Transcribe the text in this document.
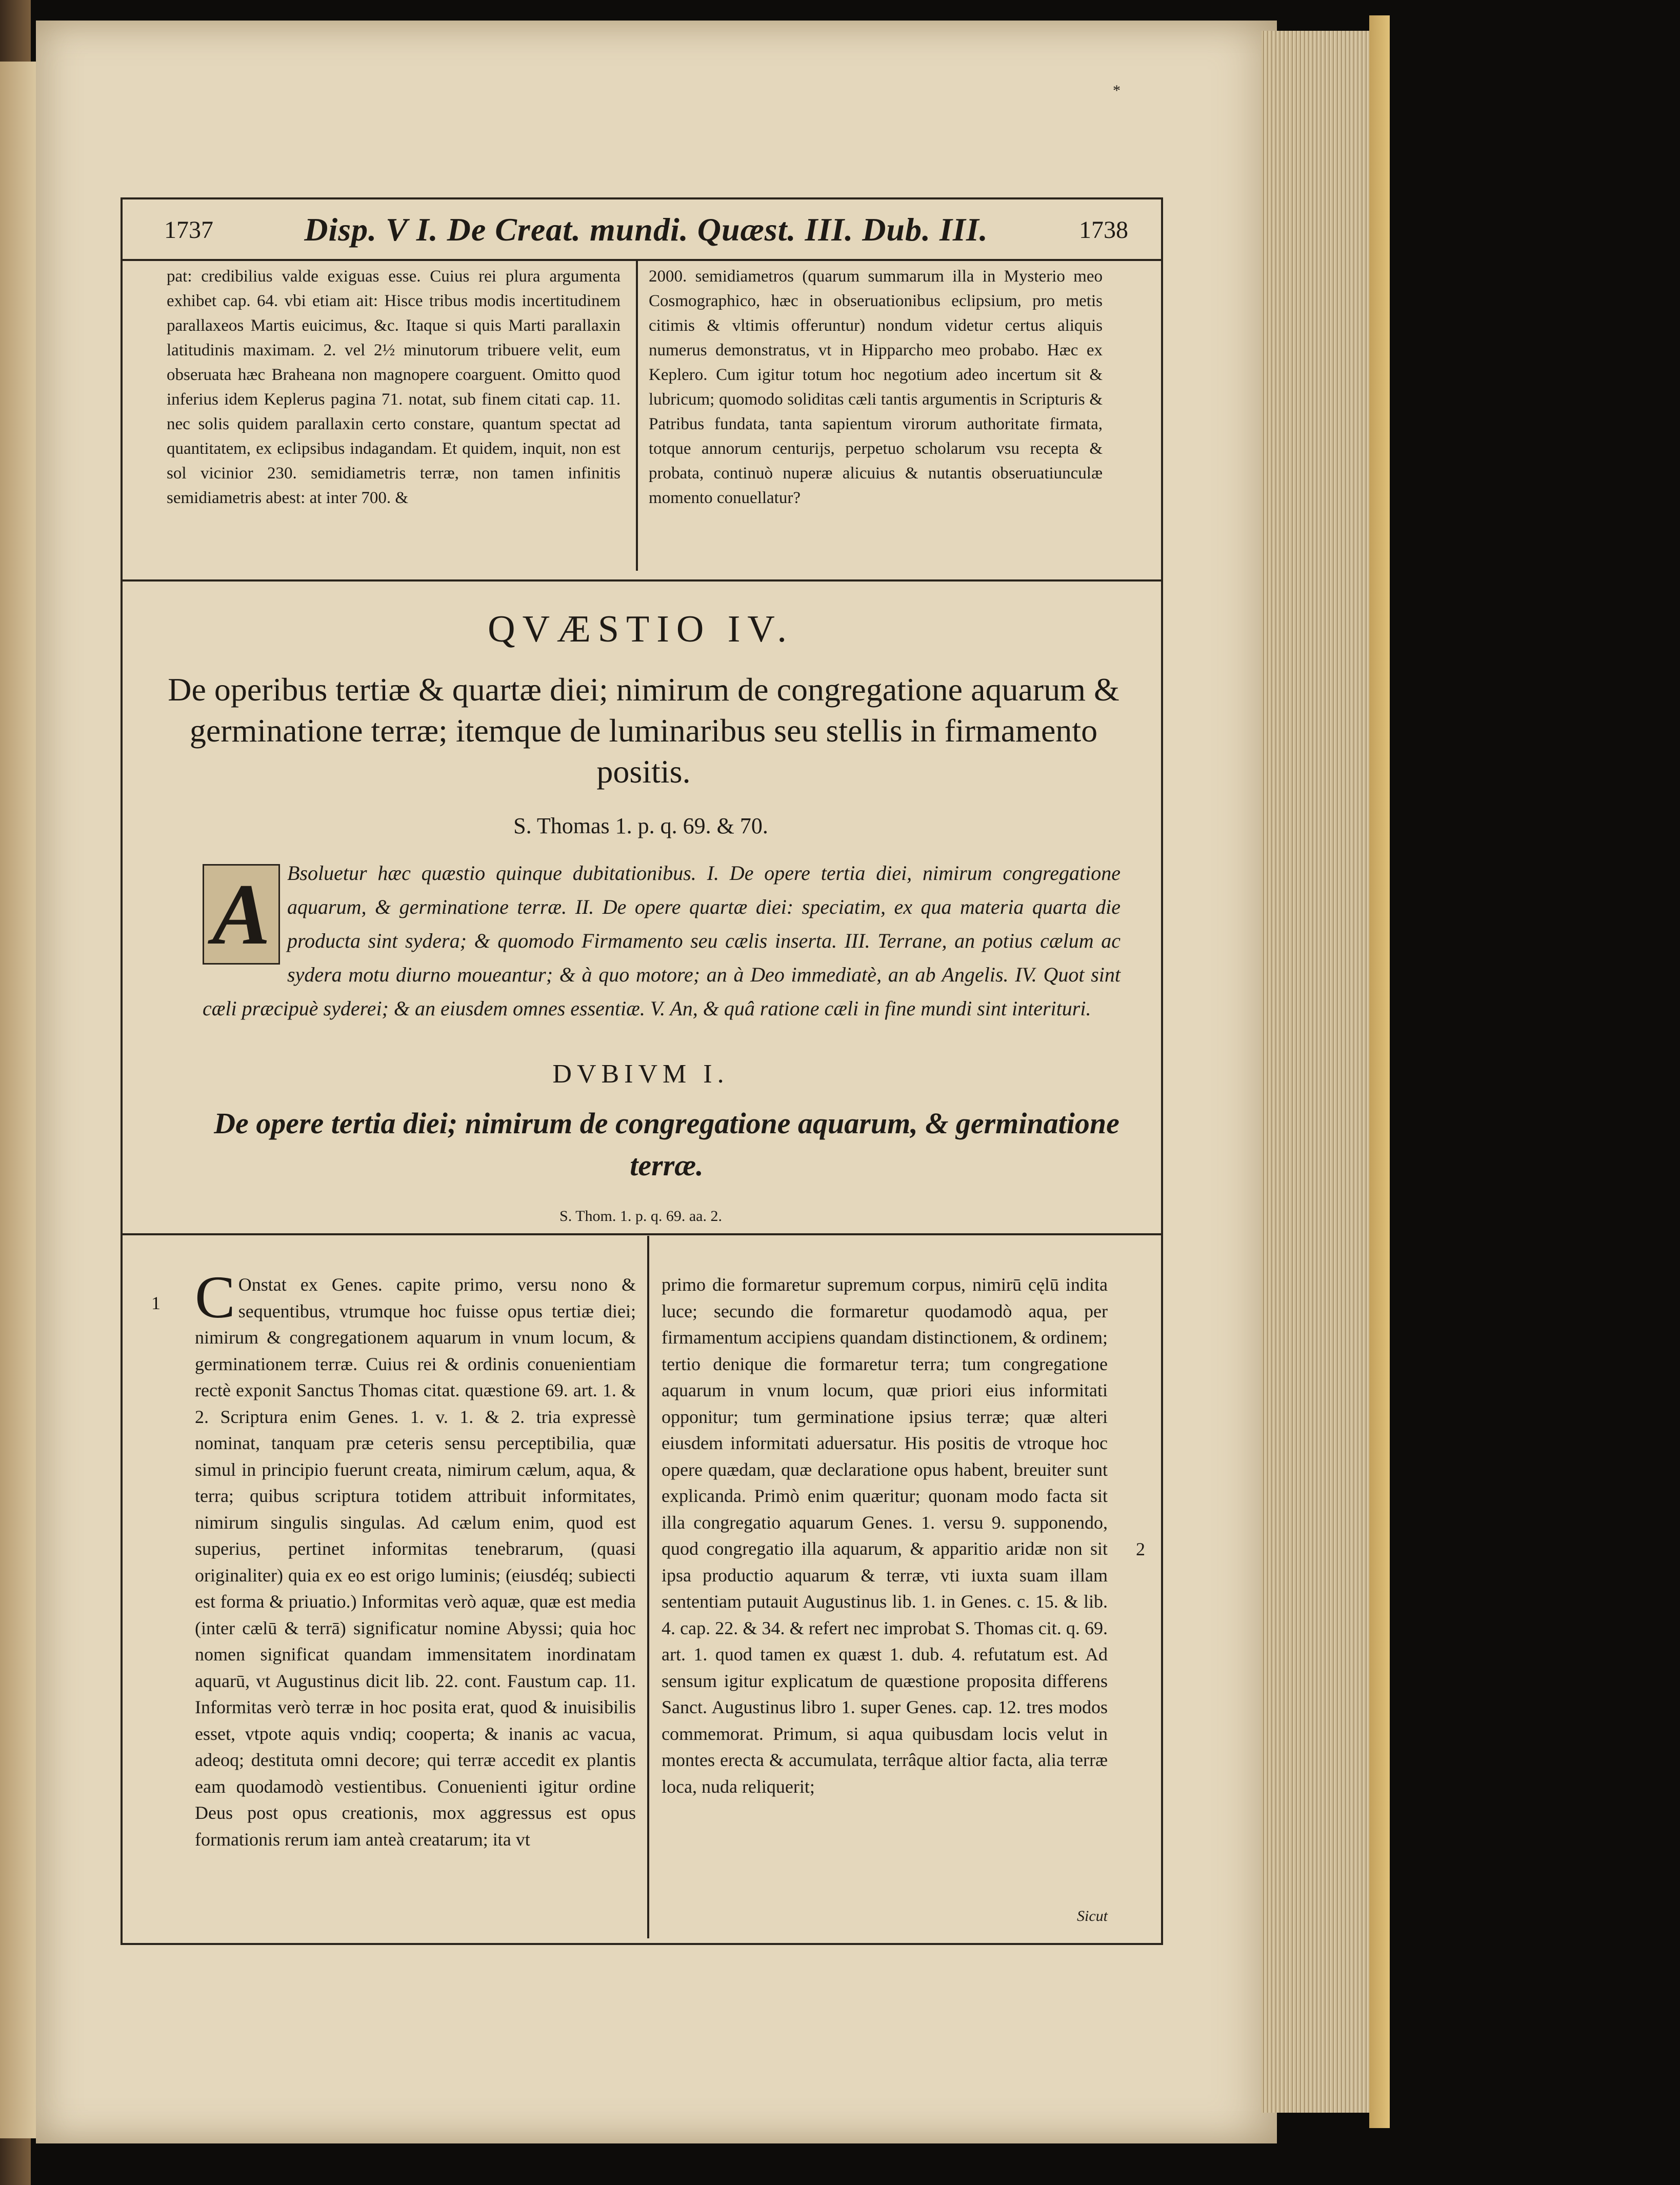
*
1737	Disp. V I. De Creat. mundi. Quæst. III. Dub. III.	1738

pat: credibilius valde exiguas esse. Cuius rei plura argumenta exhibet cap. 64. vbi etiam ait: Hisce tribus modis incertitudinem parallaxeos Martis euicimus, &c. Itaque si quis Marti parallaxin latitudinis maximam. 2. vel 2½ minutorum tribuere velit, eum obseruata hæc Braheana non magnopere coarguent. Omitto quod inferius idem Keplerus pagina 71. notat, sub finem citati cap. 11. nec solis quidem parallaxin certo constare, quantum spectat ad quantitatem, ex eclipsibus indagandam. Et quidem, inquit, non est sol vicinior 230. semidiametris terræ, non tamen infinitis semidiametris abest: at inter 700. &

2000. semidiametros (quarum summarum illa in Mysterio meo Cosmographico, hæc in obseruationibus eclipsium, pro metis citimis & vltimis offeruntur) nondum videtur certus aliquis numerus demonstratus, vt in Hipparcho meo probabo. Hæc ex Keplero. Cum igitur totum hoc negotium adeo incertum sit & lubricum; quomodo soliditas cæli tantis argumentis in Scripturis & Patribus fundata, tanta sapientum virorum authoritate firmata, totque annorum centurijs, perpetuo scholarum vsu recepta & probata, continuò nuperæ alicuius & nutantis obseruatiunculæ momento conuellatur?

QVÆSTIO IV.
De operibus tertiæ & quartæ diei; nimirum de congregatione aquarum & germinatione terræ; itemque de luminaribus seu stellis in firmamento positis.
S. Thomas 1. p. q. 69. & 70.
A Bsoluetur hæc quæstio quinque dubitationibus. I. De opere tertia diei, nimirum congregatione aquarum, & germinatione terræ. II. De opere quartæ diei: speciatim, ex qua materia quarta die producta sint sydera; & quomodo Firmamento seu cælis inserta. III. Terrane, an potius cælum ac sydera motu diurno moueantur; & à quo motore; an à Deo immediatè, an ab Angelis. IV. Quot sint cæli præcipuè syderei; & an eiusdem omnes essentiæ. V. An, & quâ ratione cæli in fine mundi sint interituri.
DVBIVM I.
De opere tertia diei; nimirum de congregatione aquarum, & germinatione terræ.
S. Thom. 1. p. q. 69. aa. 2.
1
2
C Onstat ex Genes. capite primo, versu nono & sequentibus, vtrumque hoc fuisse opus tertiæ diei; nimirum & congregationem aquarum in vnum locum, & germinationem terræ. Cuius rei & ordinis conuenientiam rectè exponit Sanctus Thomas citat. quæstione 69. art. 1. & 2. Scriptura enim Genes. 1. v. 1. & 2. tria expressè nominat, tanquam præ ceteris sensu perceptibilia, quæ simul in principio fuerunt creata, nimirum cælum, aqua, & terra; quibus scriptura totidem attribuit informitates, nimirum singulis singulas. Ad cælum enim, quod est superius, pertinet informitas tenebrarum, (quasi originaliter) quia ex eo est origo luminis; (eiusdéq; subiecti est forma & priuatio.) Informitas verò aquæ, quæ est media (inter cælū & terrā) significatur nomine Abyssi; quia hoc nomen significat quandam immensitatem inordinatam aquarū, vt Augustinus dicit lib. 22. cont. Faustum cap. 11. Informitas verò terræ in hoc posita erat, quod & inuisibilis esset, vtpote aquis vndiq; cooperta; & inanis ac vacua, adeoq; destituta omni decore; qui terræ accedit ex plantis eam quodamodò vestientibus. Conuenienti igitur ordine Deus post opus creationis, mox aggressus est opus formationis rerum iam anteà creatarum; ita vt

primo die formaretur supremum corpus, nimirū cęlū indita luce; secundo die formaretur quodamodò aqua, per firmamentum accipiens quandam distinctionem, & ordinem; tertio denique die formaretur terra; tum congregatione aquarum in vnum locum, quæ priori eius informitati opponitur; tum germinatione ipsius terræ; quæ alteri eiusdem informitati aduersatur. His positis de vtroque hoc opere quædam, quæ declaratione opus habent, breuiter sunt explicanda. Primò enim quæritur; quonam modo facta sit illa congregatio aquarum Genes. 1. versu 9. supponendo, quod congregatio illa aquarum, & apparitio aridæ non sit ipsa productio aquarum & terræ, vti iuxta suam illam sententiam putauit Augustinus lib. 1. in Genes. c. 15. & lib. 4. cap. 22. & 34. & refert nec improbat S. Thomas cit. q. 69. art. 1. quod tamen ex quæst 1. dub. 4. refutatum est. Ad sensum igitur explicatum de quæstione proposita differens Sanct. Augustinus libro 1. super Genes. cap. 12. tres modos commemorat. Primum, si aqua quibusdam locis velut in montes erecta & accumulata, terrâque altior facta, alia terræ loca, nuda reliquerit;

Sicut
